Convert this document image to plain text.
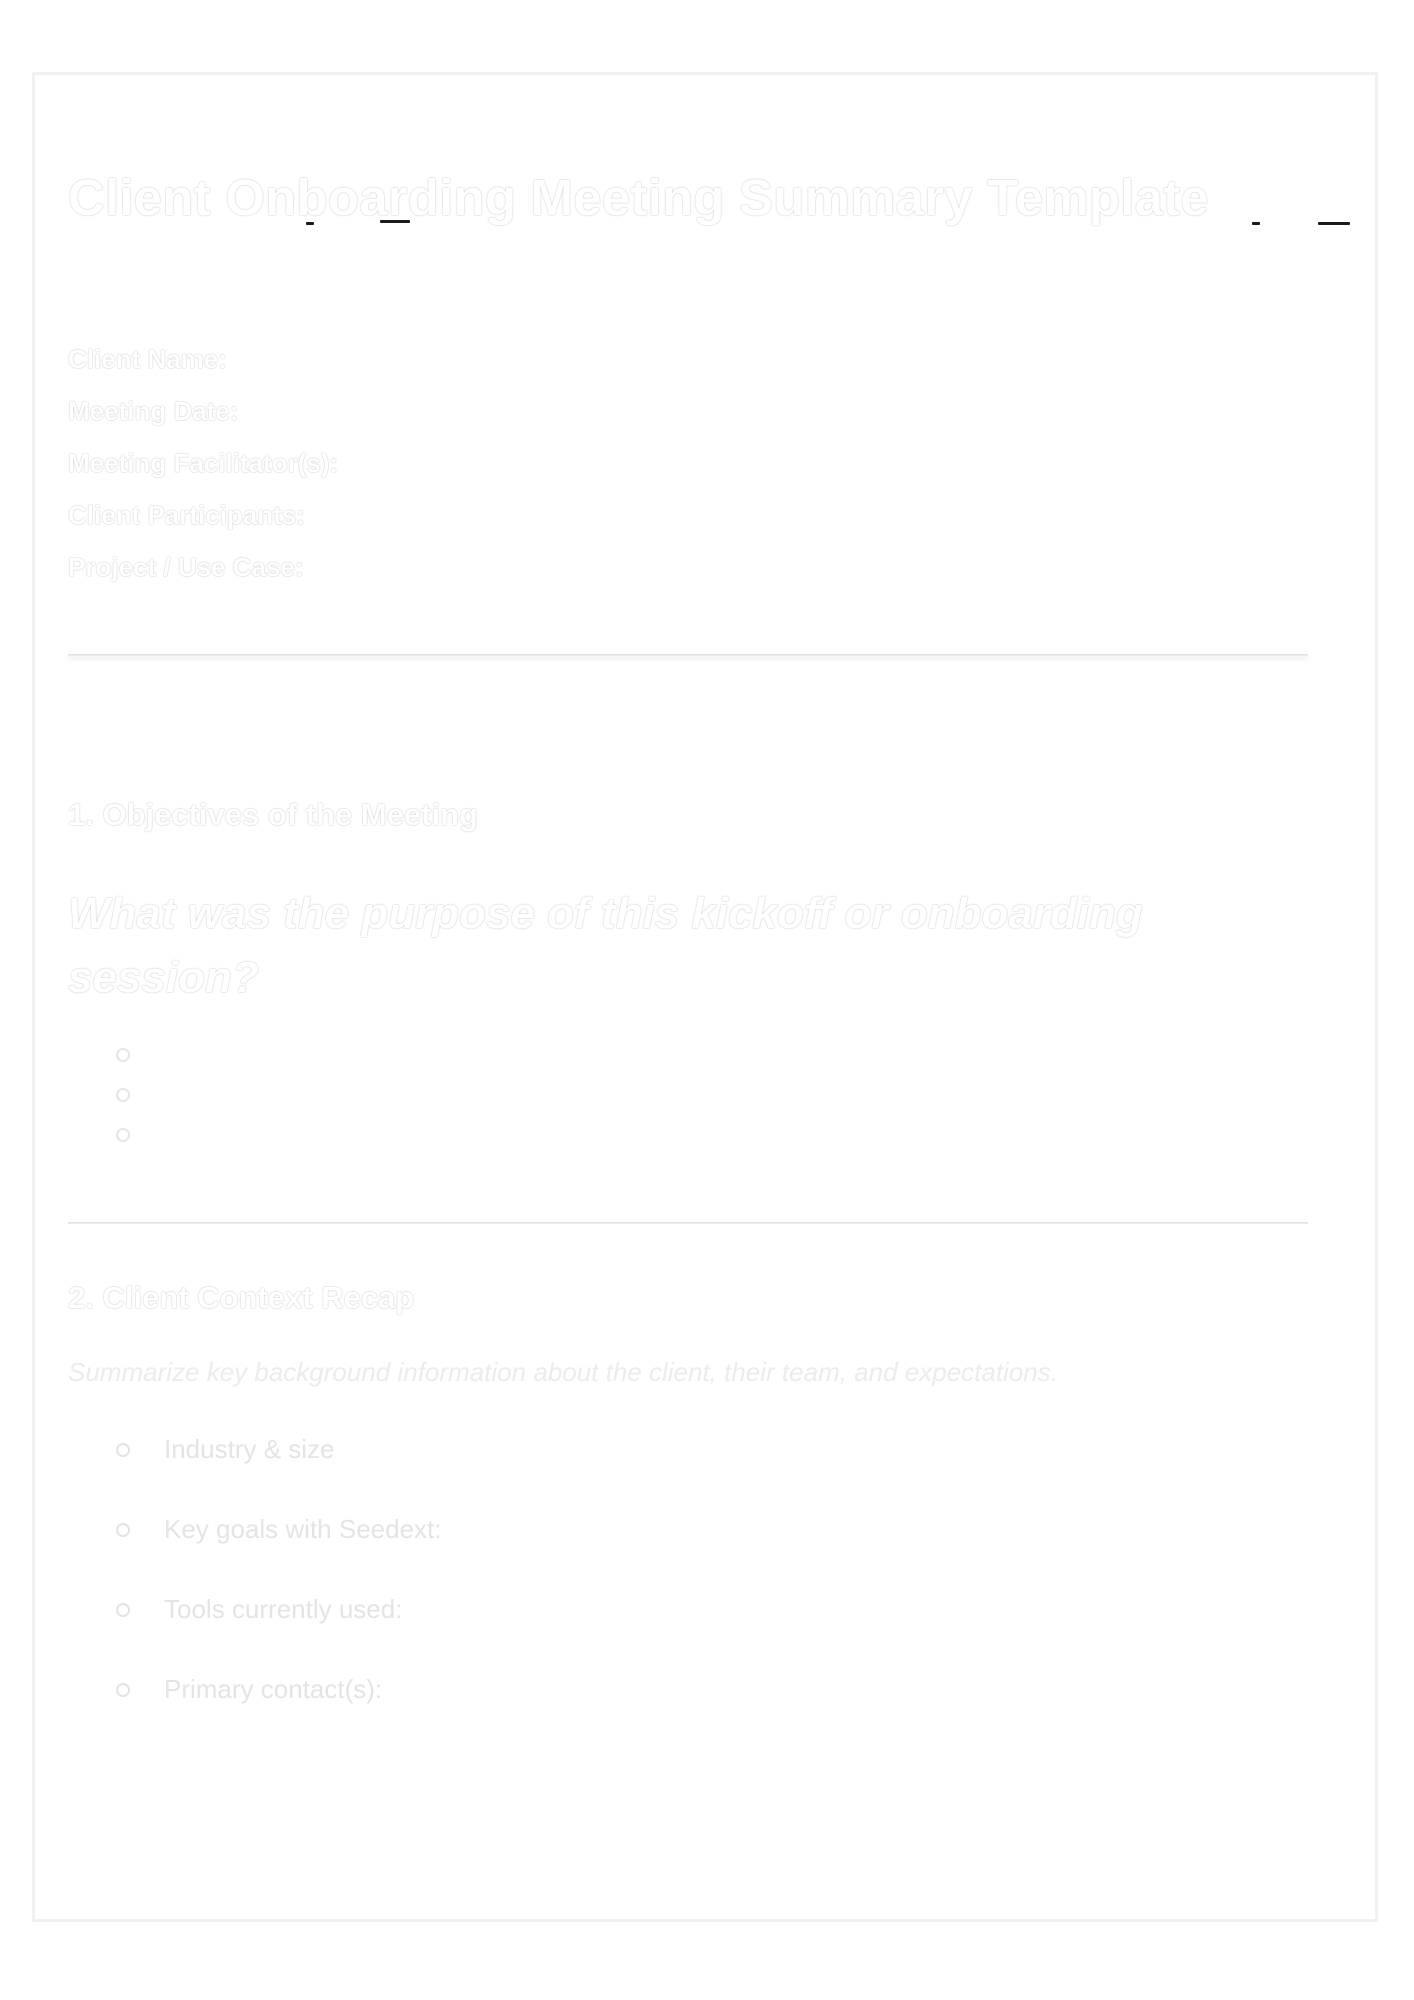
Client Onboarding Meeting Summary Template
Client Name:
Meeting Date:
Meeting Facilitator(s):
Client Participants:
Project / Use Case:
1. Objectives of the Meeting

What was the purpose of this kickoff or onboarding session?

2. Client Context Recap

Summarize key background information about the client, their team, and expectations.

Industry & size
Key goals with Seedext:
Tools currently used:
Primary contact(s):
